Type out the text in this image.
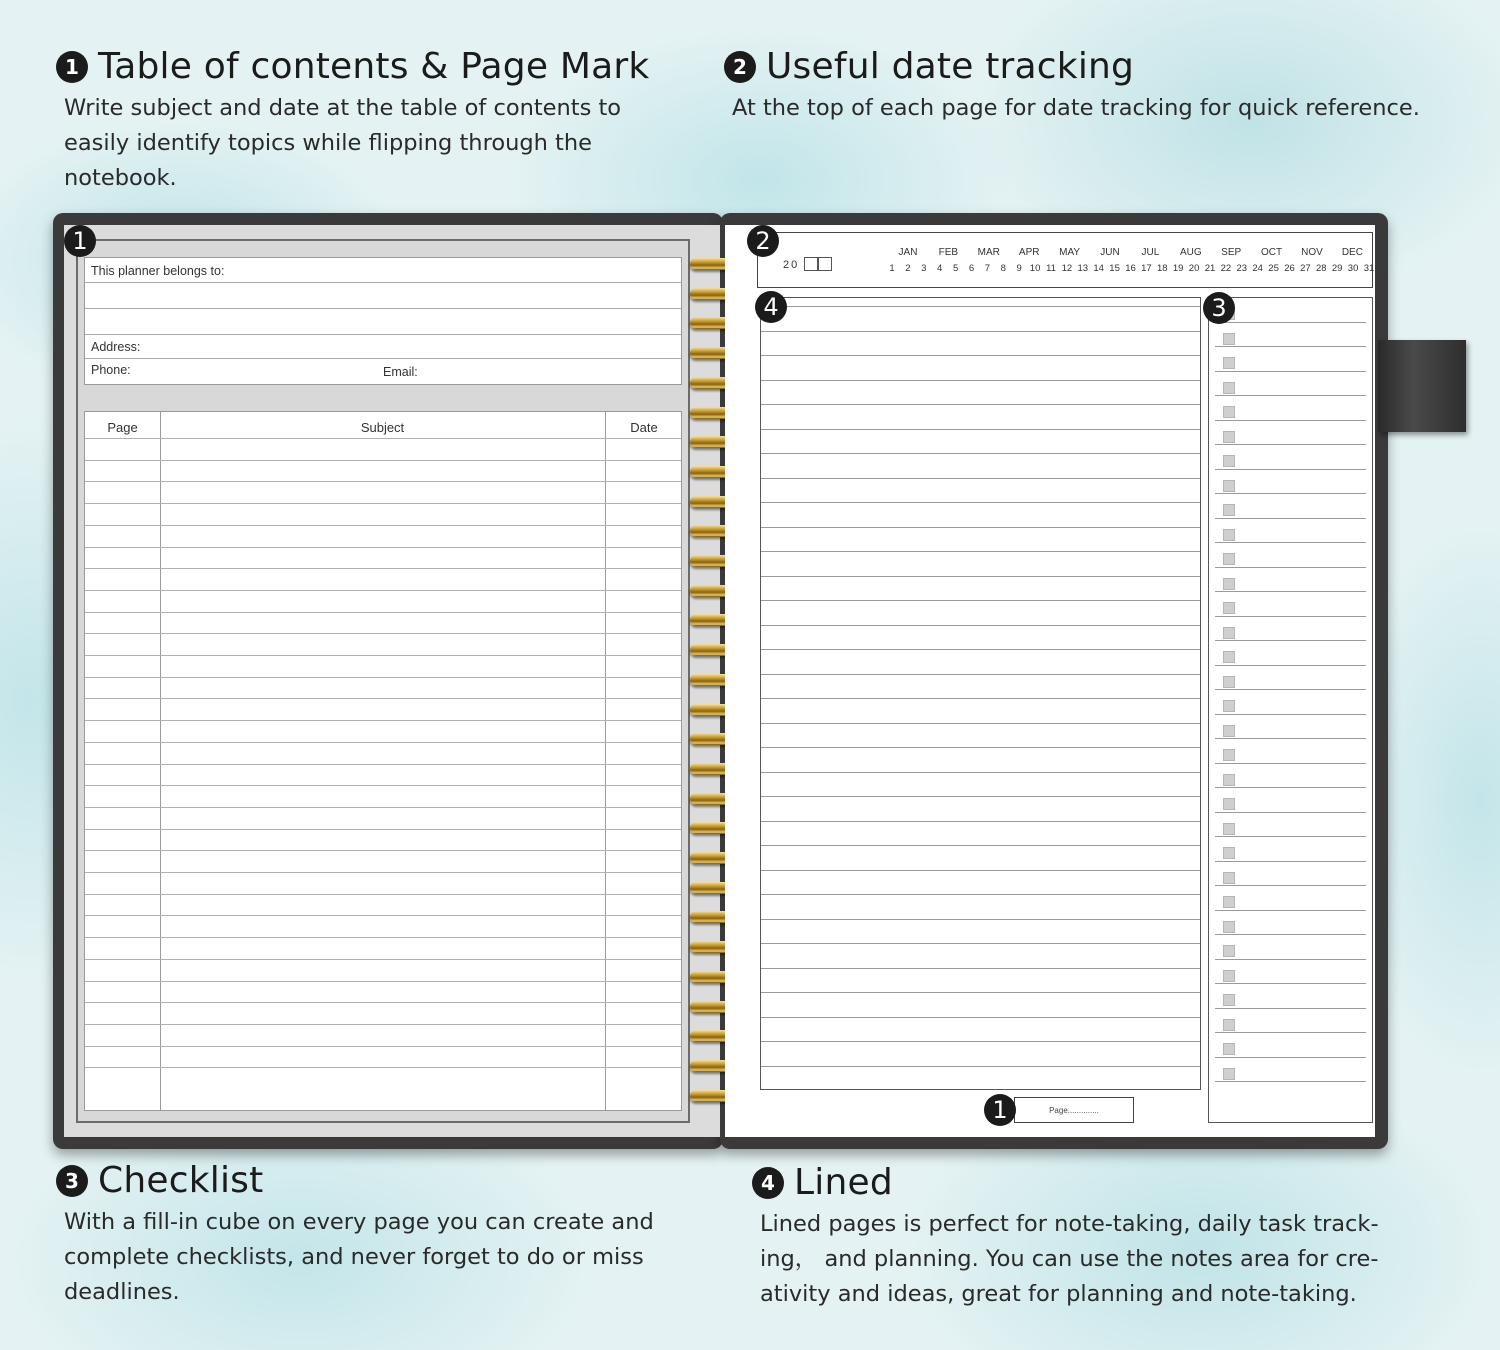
1 Table of contents & Page Mark

Write subject and date at the table of contents to
easily identify topics while flipping through the
notebook.

2 Useful date tracking

At the top of each page for date tracking for quick reference.

This planner belongs to:
Address:
Phone:	Email:
Page	Subject	Date
1
20
JAN	FEB	MAR	APR	MAY	JUN	JUL	AUG	SEP	OCT	NOV	DEC
1	2	3	4	5	6	7	8	9 10 11 12 13 14 15 16 17 18 19 20 21 22 23 24 25 26 27 28 29 30 31
Page..............
2
4	3
1
3 Checklist

With a fill-in cube on every page you can create and
complete checklists, and never forget to do or miss
deadlines.

4 Lined

Lined pages is perfect for note-taking, daily task track-
ing， and planning. You can use the notes area for cre-
ativity and ideas, great for planning and note-taking.
